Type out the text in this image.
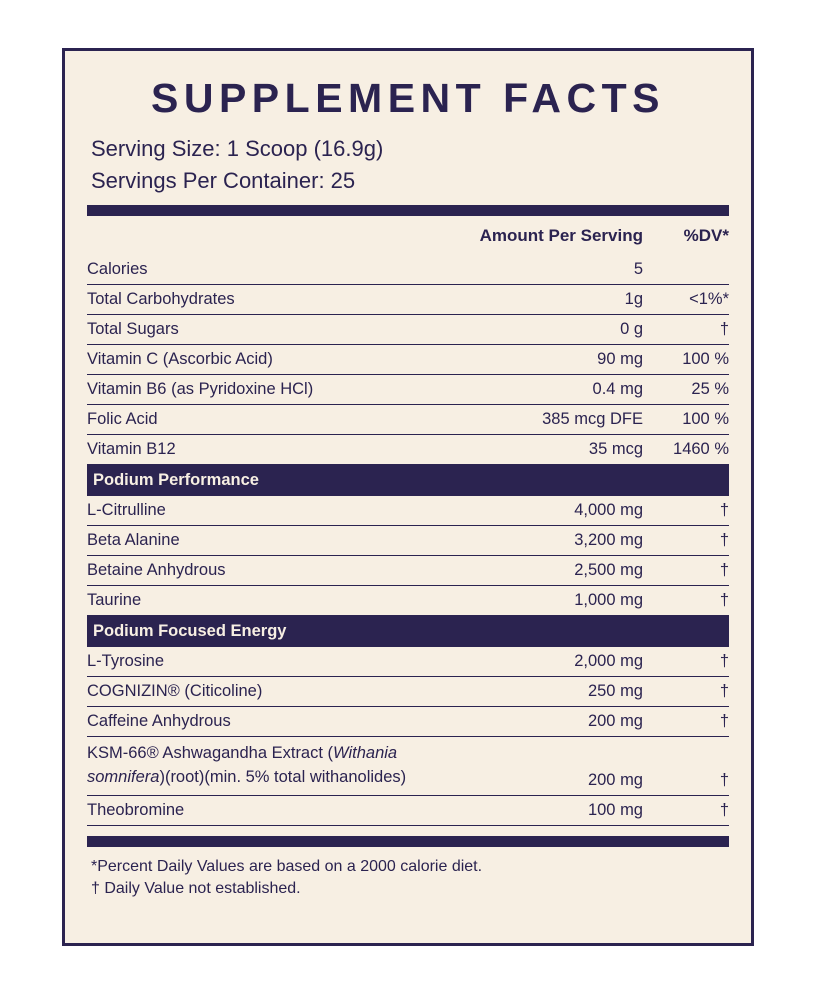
SUPPLEMENT FACTS
Serving Size: 1 Scoop (16.9g)
Servings Per Container: 25
	Amount Per Serving	%DV*
Calories	5	
Total Carbohydrates	1g	<1%*
Total Sugars	0 g	†
Vitamin C (Ascorbic Acid)	90 mg	100 %
Vitamin B6 (as Pyridoxine HCl)	0.4 mg	25 %
Folic Acid	385 mcg DFE	100 %
Vitamin B12	35 mcg	1460 %
Podium Performance
L-Citrulline	4,000 mg	†
Beta Alanine	3,200 mg	†
Betaine Anhydrous	2,500 mg	†
Taurine	1,000 mg	†
Podium Focused Energy
L-Tyrosine	2,000 mg	†
COGNIZIN® (Citicoline)	250 mg	†
Caffeine Anhydrous	200 mg	†
KSM-66® Ashwagandha Extract (Withania
somnifera)(root)(min. 5% total withanolides)	200 mg	†
Theobromine	100 mg	†
*Percent Daily Values are based on a 2000 calorie diet.
† Daily Value not established.
